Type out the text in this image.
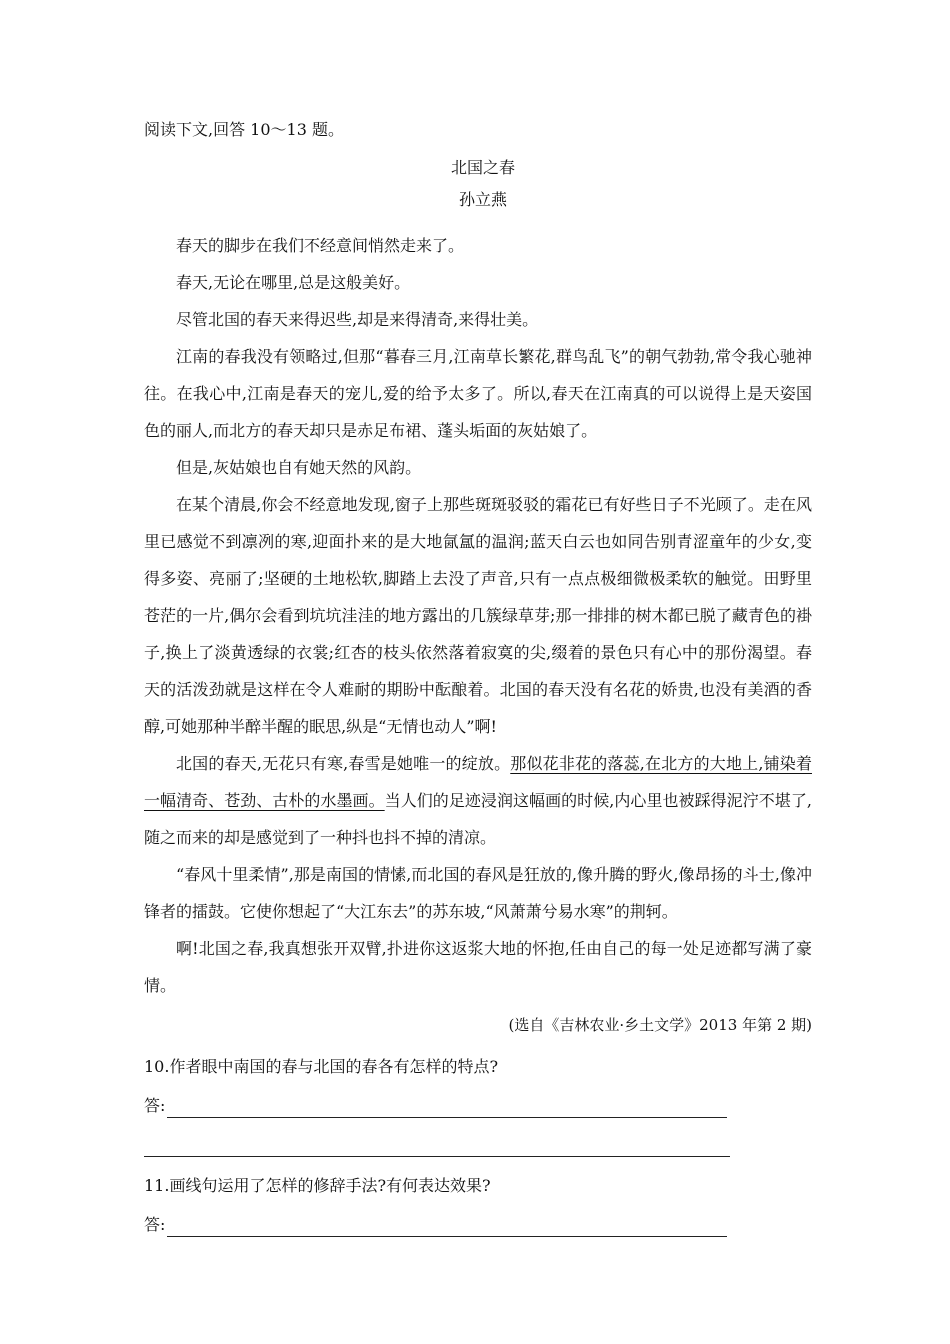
阅读下文,回答 10～13 题。
北国之春
孙立燕

春天的脚步在我们不经意间悄然走来了。

春天,无论在哪里,总是这般美好。

尽管北国的春天来得迟些,却是来得清奇,来得壮美。

江南的春我没有领略过,但那“暮春三月,江南草长繁花,群鸟乱飞”的朝气勃勃,常令我心驰神往。在我心中,江南是春天的宠儿,爱的给予太多了。所以,春天在江南真的可以说得上是天姿国色的丽人,而北方的春天却只是赤足布裙、蓬头垢面的灰姑娘了。

但是,灰姑娘也自有她天然的风韵。

在某个清晨,你会不经意地发现,窗子上那些斑斑驳驳的霜花已有好些日子不光顾了。走在风里已感觉不到凛冽的寒,迎面扑来的是大地氤氲的温润;蓝天白云也如同告别青涩童年的少女,变得多姿、亮丽了;坚硬的土地松软,脚踏上去没了声音,只有一点点极细微极柔软的触觉。田野里苍茫的一片,偶尔会看到坑坑洼洼的地方露出的几簇绿草芽;那一排排的树木都已脱了藏青色的褂子,换上了淡黄透绿的衣裳;红杏的枝头依然落着寂寞的尖,缀着的景色只有心中的那份渴望。春天的活泼劲就是这样在令人难耐的期盼中酝酿着。北国的春天没有名花的娇贵,也没有美酒的香醇,可她那种半醉半醒的眠思,纵是“无情也动人”啊!

北国的春天,无花只有寒,春雪是她唯一的绽放。那似花非花的落蕊,在北方的大地上,铺染着一幅清奇、苍劲、古朴的水墨画。当人们的足迹浸润这幅画的时候,内心里也被踩得泥泞不堪了,随之而来的却是感觉到了一种抖也抖不掉的清凉。

“春风十里柔情”,那是南国的情愫,而北国的春风是狂放的,像升腾的野火,像昂扬的斗士,像冲锋者的擂鼓。它使你想起了“大江东去”的苏东坡,“风萧萧兮易水寒”的荆轲。

啊!北国之春,我真想张开双臂,扑进你这返浆大地的怀抱,任由自己的每一处足迹都写满了豪情。

(选自《吉林农业·乡土文学》2013 年第 2 期)
10.作者眼中南国的春与北国的春各有怎样的特点?
答:
11.画线句运用了怎样的修辞手法?有何表达效果?
答:
